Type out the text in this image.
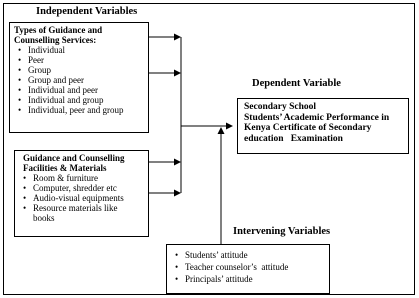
Independent Variables
Types of Guidance and
Counselling Services:
• Individual
• Peer
• Group
• Group and peer
• Individual and peer
• Individual and group
• Individual, peer and group
Guidance and Counselling
Facilities & Materials
• Room & furniture
• Computer, shredder etc
• Audio-visual equipments
• Resource materials like
books
Dependent Variable
Secondary School
Students’ Academic Performance in
Kenya Certificate of Secondary
education   Examination
Intervening Variables
• Students’ attitude
• Teacher counselor’s  attitude
• Principals’ attitude
